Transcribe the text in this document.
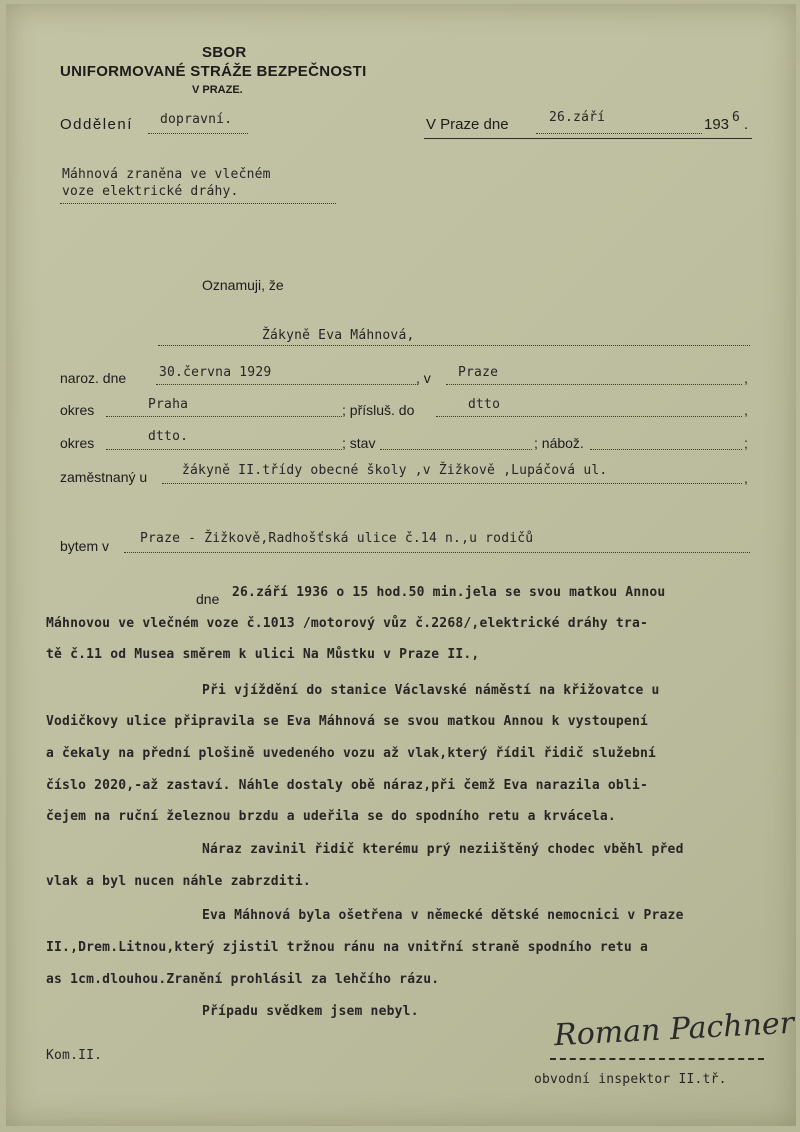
SBOR
UNIFORMOVANÉ STRÁŽE BEZPEČNOSTI
V PRAZE.
Oddělení dopravní.	V Praze dne	26.září	193 6 .
Máhnová zraněna ve vlečném
voze elektrické dráhy.
Oznamuji, že
Žákyně Eva Máhnová,
naroz. dne	30.června 1929	, v Praze	,
okres	Praha	; přísluš. do	dtto	,
okres	dtto.	; stav	; nábož.	;
zaměstnaný u	žákyně II.třídy obecné školy ,v Žižkově ,Lupáčová ul.	,
bytem v Praze - Žižkově,Radhošťská ulice č.14 n.,u rodičů
dne 26.září 1936 o 15 hod.50 min.jela se svou matkou Annou
Máhnovou ve vlečném voze č.1013 /motorový vůz č.2268/,elektrické dráhy tra-
tě č.11 od Musea směrem k ulici Na Můstku v Praze II.,
Při vjíždění do stanice Václavské náměstí na křižovatce u
Vodičkovy ulice připravila se Eva Máhnová se svou matkou Annou k vystoupení
a čekaly na přední plošině uvedeného vozu až vlak,který řídil řidič služební
číslo 2020,-až zastaví. Náhle dostaly obě náraz,při čemž Eva narazila obli-
čejem na ruční železnou brzdu a udeřila se do spodního retu a krvácela.
Náraz zavinil řidič kterému prý neziištěný chodec vběhl před
vlak a byl nucen náhle zabrzditi.
Eva Máhnová byla ošetřena v německé dětské nemocnici v Praze
II.,Drem.Litnou,který zjistil tržnou ránu na vnitřní straně spodního retu a
as 1cm.dlouhou.Zranění prohlásil za lehčího rázu.
Případu svědkem jsem nebyl.
Kom.II.
Roman Pachner
obvodní inspektor II.tř.
